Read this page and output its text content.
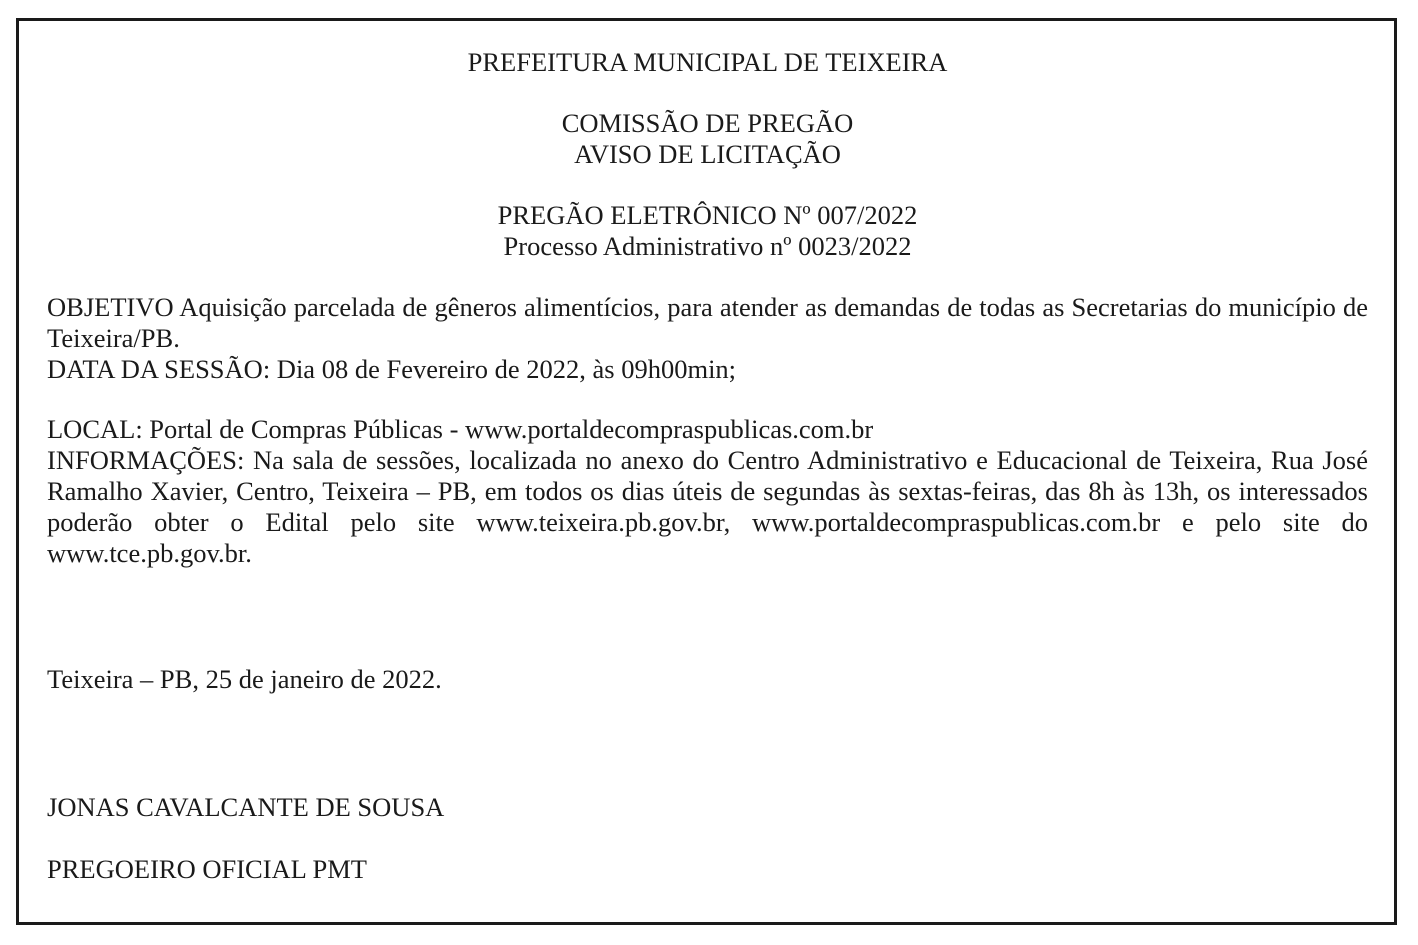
PREFEITURA MUNICIPAL DE TEIXEIRA
COMISSÃO DE PREGÃO
AVISO DE LICITAÇÃO
PREGÃO ELETRÔNICO Nº 007/2022
Processo Administrativo nº 0023/2022
OBJETIVO Aquisição parcelada de gêneros alimentícios, para atender as demandas de todas as Secretarias do município de Teixeira/PB.
DATA DA SESSÃO: Dia 08 de Fevereiro de 2022, às 09h00min;
LOCAL: Portal de Compras Públicas - www.portaldecompraspublicas.com.br
INFORMAÇÕES: Na sala de sessões, localizada no anexo do Centro Administrativo e Educacional de Teixeira, Rua José Ramalho Xavier, Centro, Teixeira – PB, em todos os dias úteis de segundas às sextas-feiras, das 8h às 13h, os interessados poderão obter o Edital pelo site www.teixeira.pb.gov.br, www.portaldecompraspublicas.com.br e pelo site do www.tce.pb.gov.br.
Teixeira – PB, 25 de janeiro de 2022.
JONAS CAVALCANTE DE SOUSA
PREGOEIRO OFICIAL PMT
